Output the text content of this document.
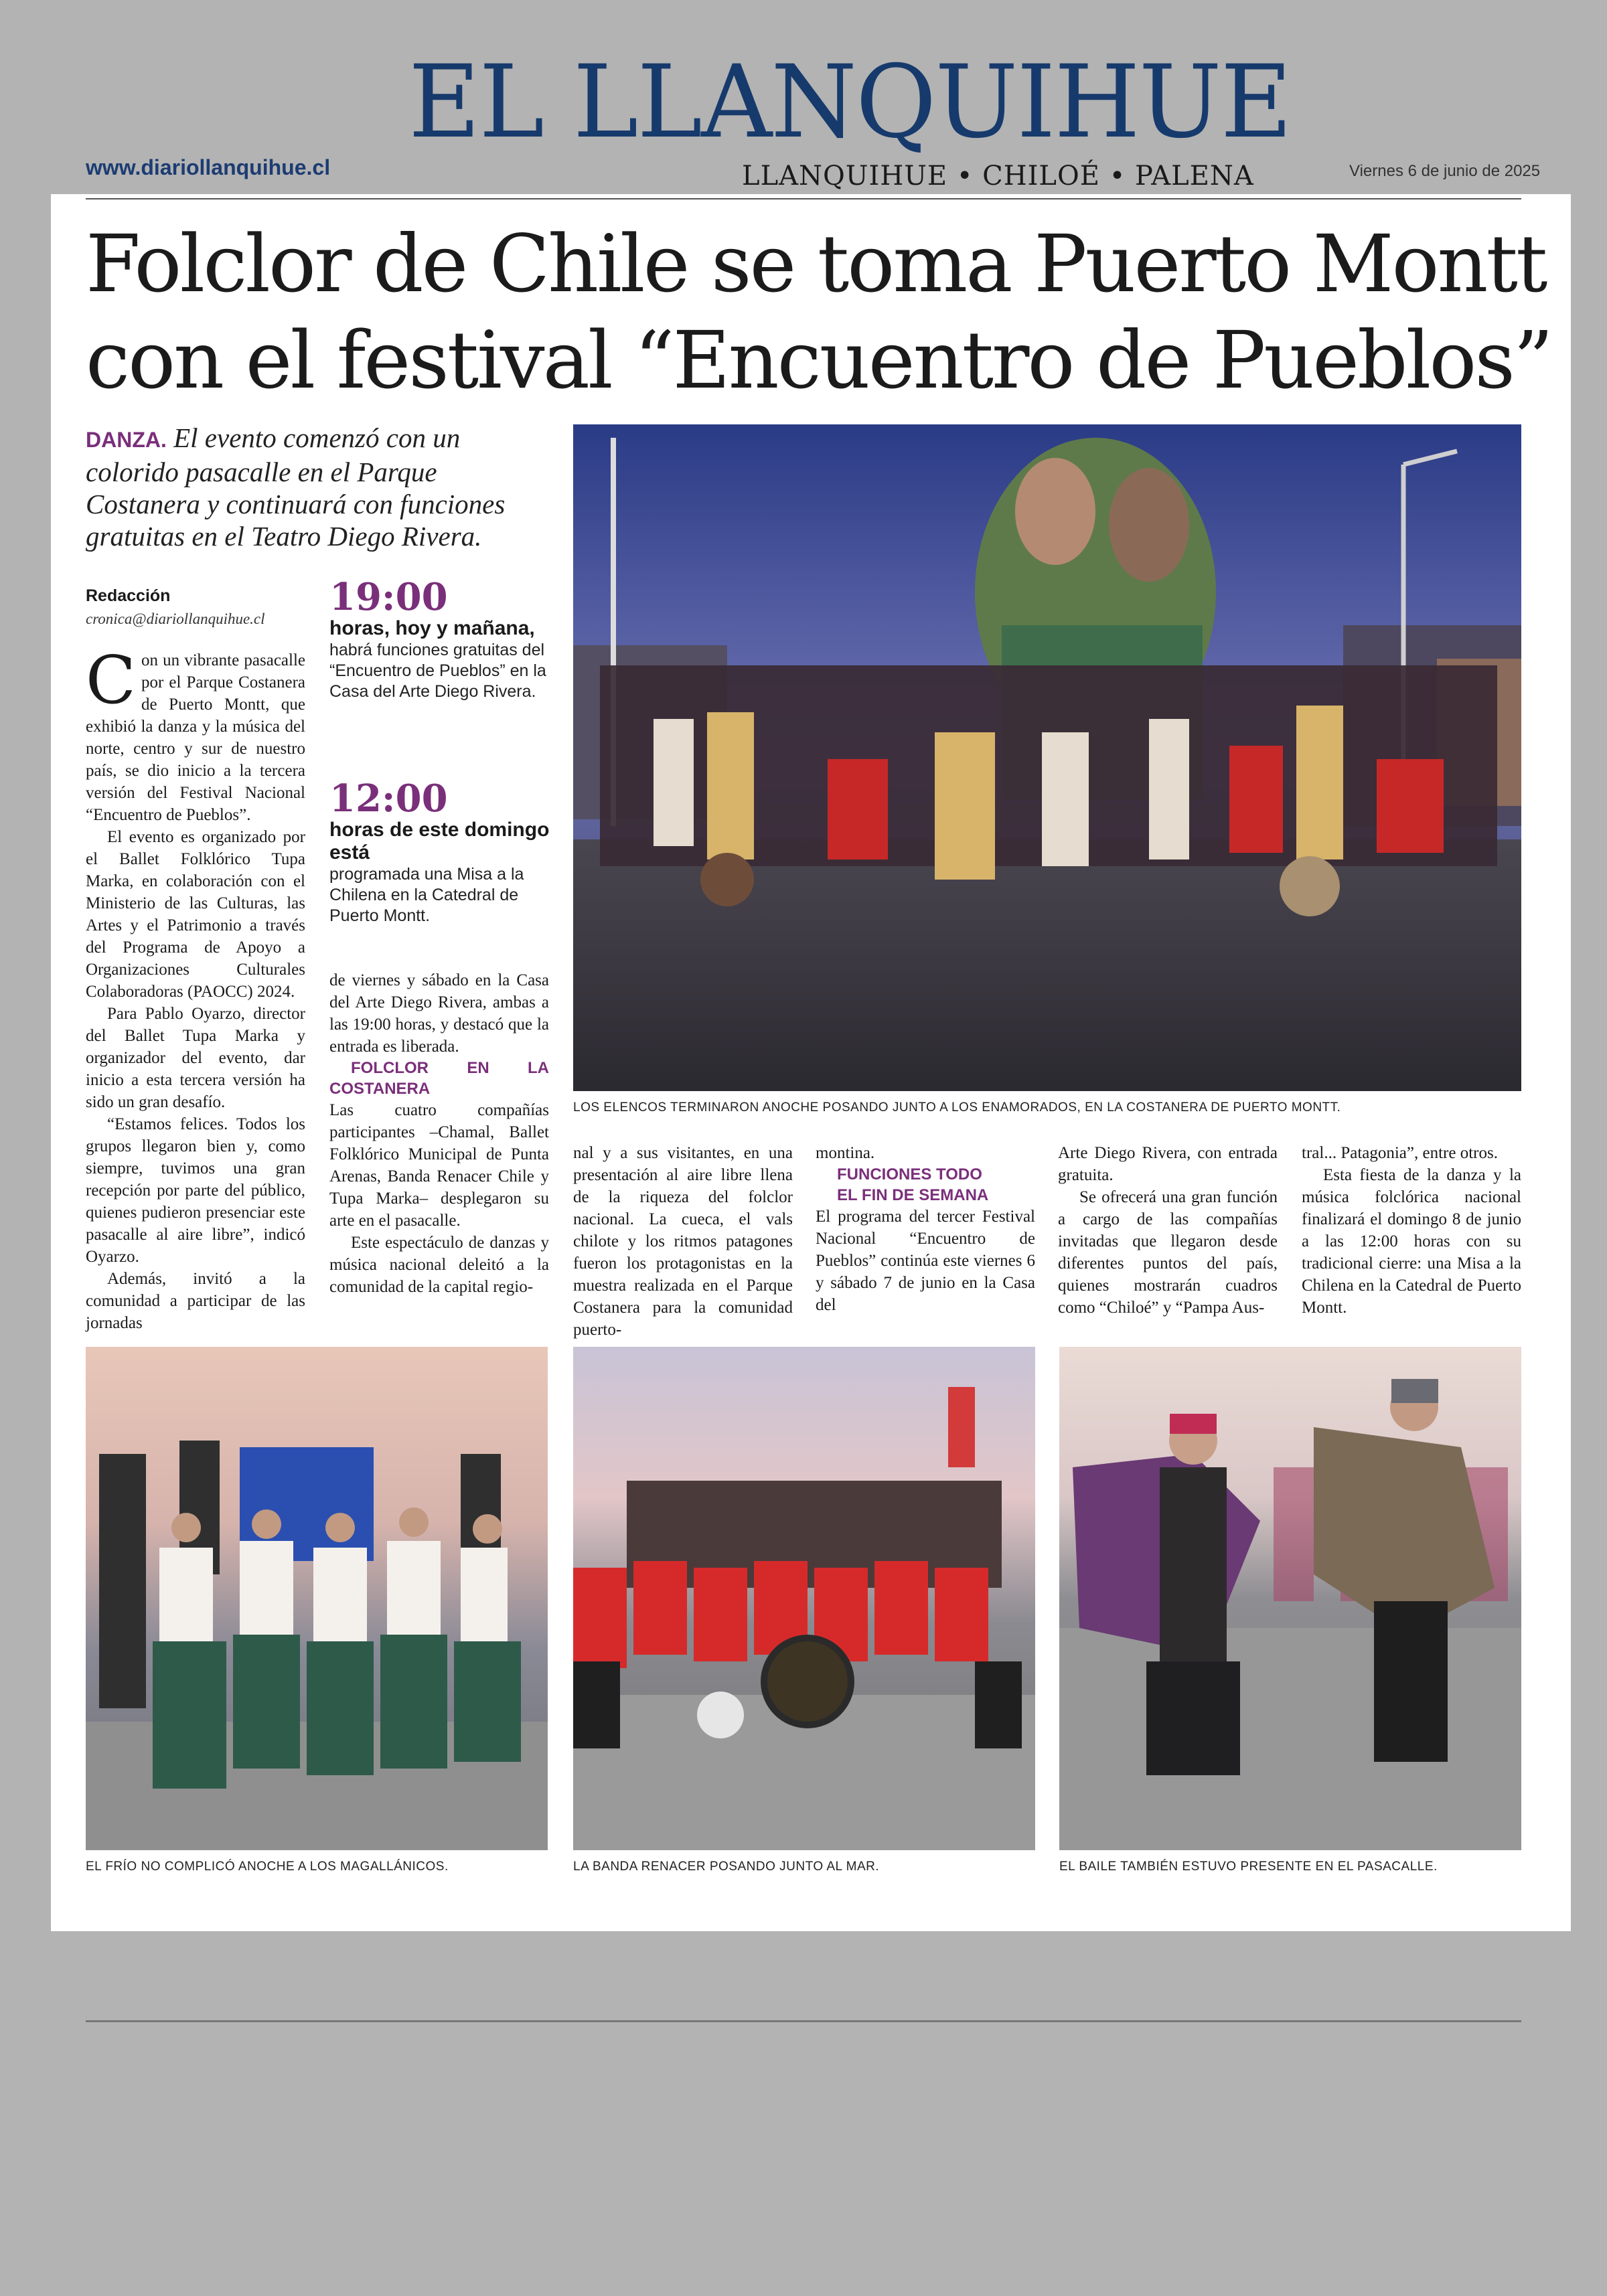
EL LLANQUIHUE
www.diariollanquihue.cl	LLANQUIHUE • CHILOÉ • PALENA	Viernes 6 de junio de 2025
Folclor de Chile se toma Puerto Montt
con el festival “Encuentro de Pueblos”
DANZA. El evento comenzó con un colorido pasacalle en el Parque Costanera y continuará con funciones gratuitas en el Teatro Diego Rivera.
Redacción
cronica@diariollanquihue.cl

Con un vibrante pasacalle por el Parque Costanera de Puerto Montt, que exhibió la danza y la música del norte, centro y sur de nuestro país, se dio inicio a la tercera versión del Festival Nacional “Encuentro de Pueblos”.

El evento es organizado por el Ballet Folklórico Tupa Marka, en colaboración con el Ministerio de las Culturas, las Artes y el Patrimonio a través del Programa de Apoyo a Organizaciones Culturales Colaboradoras (PAOCC) 2024.

Para Pablo Oyarzo, director del Ballet Tupa Marka y organizador del evento, dar inicio a esta tercera versión ha sido un gran desafío.

“Estamos felices. Todos los grupos llegaron bien y, como siempre, tuvimos una gran recepción por parte del público, quienes pudieron presenciar este pasacalle al aire libre”, indicó Oyarzo.

Además, invitó a la comunidad a participar de las jornadas

19:00
horas, hoy y mañana,
habrá funciones gratuitas del “Encuentro de Pueblos” en la Casa del Arte Diego Rivera.
12:00
horas de este domingo está
programada una Misa a la Chilena en la Catedral de Puerto Montt.

de viernes y sábado en la Casa del Arte Diego Rivera, ambas a las 19:00 horas, y destacó que la entrada es liberada.

FOLCLOR EN LA COSTANERA

Las cuatro compañías participantes –Chamal, Ballet Folklórico Municipal de Punta Arenas, Banda Renacer Chile y Tupa Marka– desplegaron su arte en el pasacalle.

Este espectáculo de danzas y música nacional deleitó a la comunidad de la capital regio-

LOS ELENCOS TERMINARON ANOCHE POSANDO JUNTO A LOS ENAMORADOS, EN LA COSTANERA DE PUERTO MONTT.

nal y a sus visitantes, en una presentación al aire libre llena de la riqueza del folclor nacional. La cueca, el vals chilote y los ritmos patagones fueron los protagonistas en la muestra realizada en el Parque Costanera para la comunidad puerto-

montina.

FUNCIONES TODO

EL FIN DE SEMANA

El programa del tercer Festival Nacional “Encuentro de Pueblos” continúa este viernes 6 y sábado 7 de junio en la Casa del

Arte Diego Rivera, con entrada gratuita.

Se ofrecerá una gran función a cargo de las compañías invitadas que llegaron desde diferentes puntos del país, quienes mostrarán cuadros como “Chiloé” y “Pampa Aus-

tral... Patagonia”, entre otros.

Esta fiesta de la danza y la música folclórica nacional finalizará el domingo 8 de junio a las 12:00 horas con su tradicional cierre: una Misa a la Chilena en la Catedral de Puerto Montt.

EL FRÍO NO COMPLICÓ ANOCHE A LOS MAGALLÁNICOS.	LA BANDA RENACER POSANDO JUNTO AL MAR.	EL BAILE TAMBIÉN ESTUVO PRESENTE EN EL PASACALLE.
